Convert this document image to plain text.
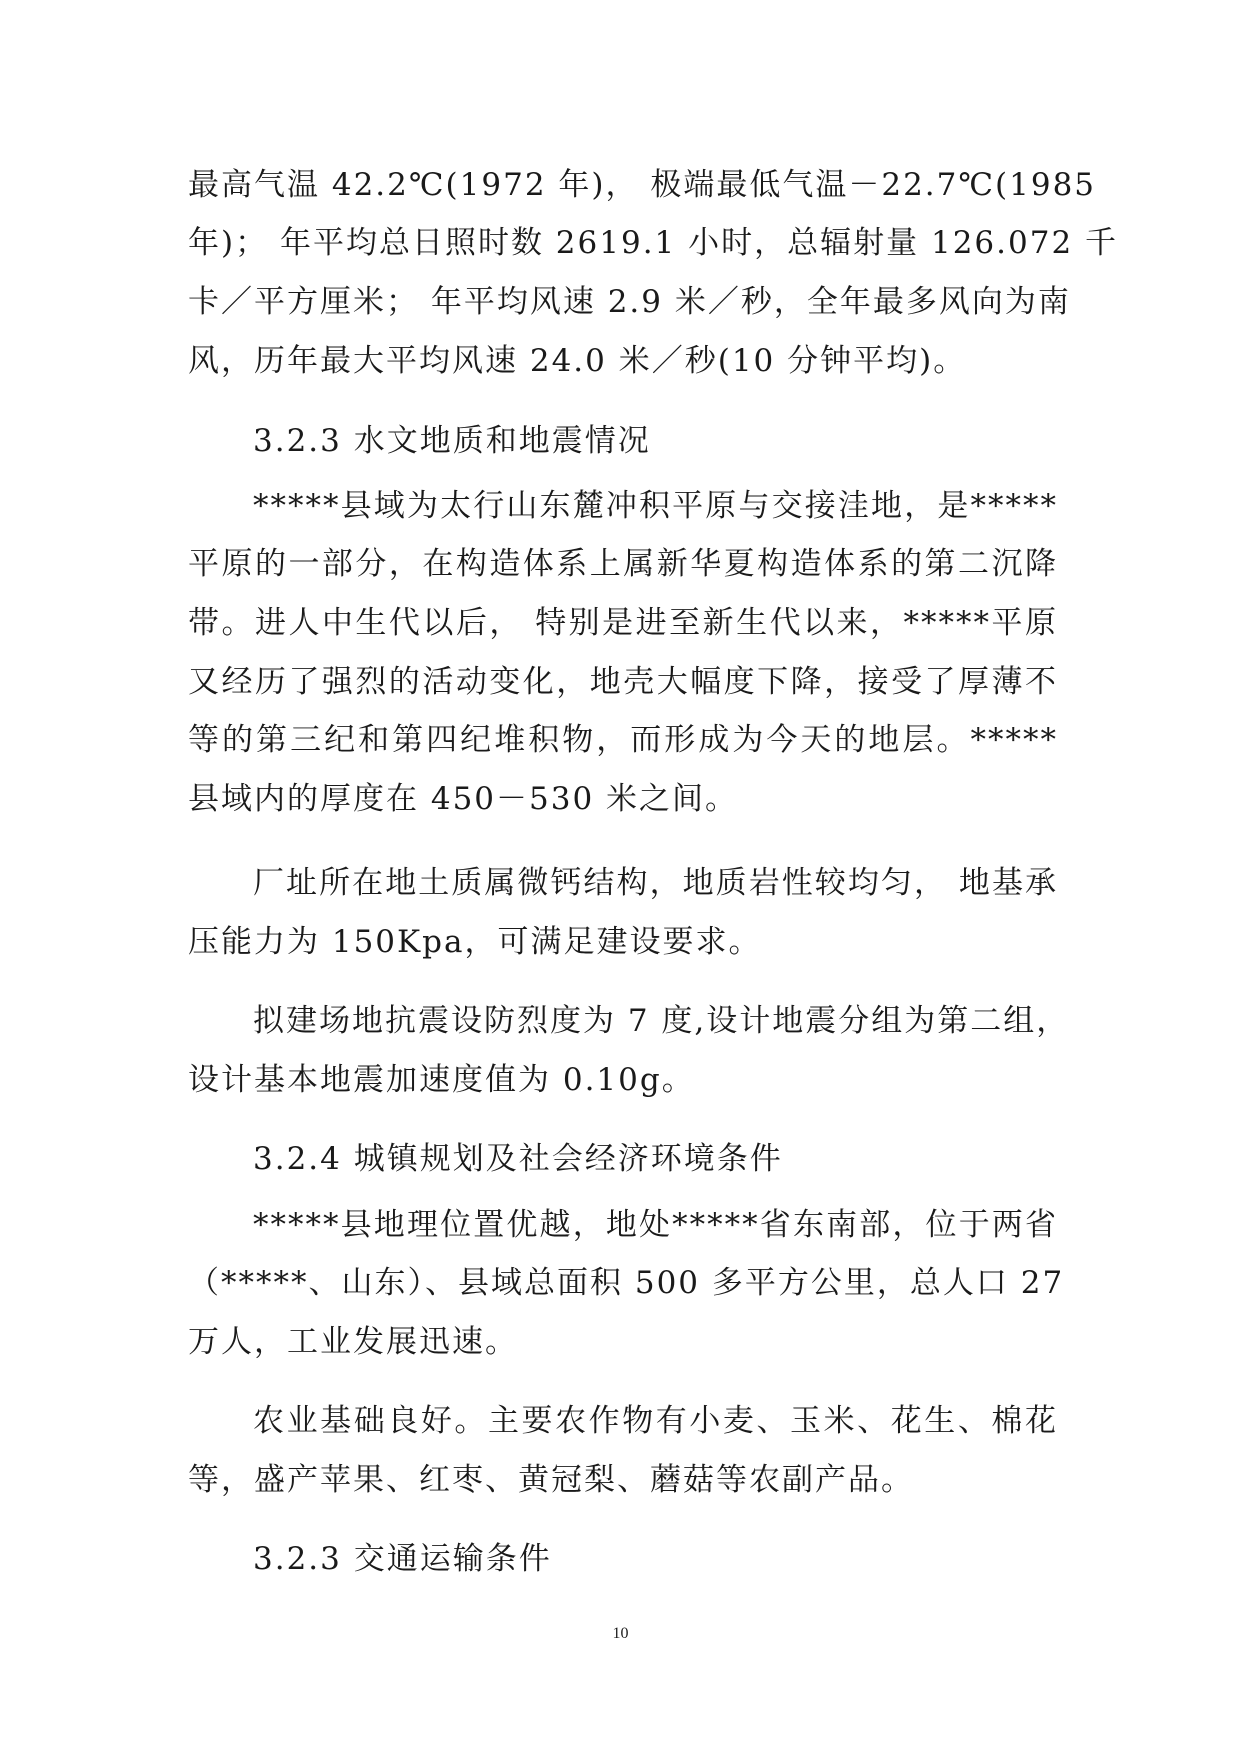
最高气温 42.2℃(1972 年)， 极端最低气温－22.7℃(1985
年)； 年平均总日照时数 2619.1 小时，总辐射量 126.072 千
卡／平方厘米； 年平均风速 2.9 米／秒，全年最多风向为南
风，历年最大平均风速 24.0 米／秒(10 分钟平均)。
3.2.3 水文地质和地震情况
*****县域为太行山东麓冲积平原与交接洼地，是*****
平原的一部分，在构造体系上属新华夏构造体系的第二沉降
带。进人中生代以后， 特别是进至新生代以来，*****平原
又经历了强烈的活动变化，地壳大幅度下降，接受了厚薄不
等的第三纪和第四纪堆积物，而形成为今天的地层。*****
县域内的厚度在 450－530 米之间。
厂址所在地土质属微钙结构，地质岩性较均匀， 地基承
压能力为 150Kpa，可满足建设要求。
拟建场地抗震设防烈度为 7 度,设计地震分组为第二组，
设计基本地震加速度值为 0.10g。
3.2.4 城镇规划及社会经济环境条件
*****县地理位置优越，地处*****省东南部，位于两省
（*****、山东）、县域总面积 500 多平方公里，总人口 27
万人，工业发展迅速。
农业基础良好。主要农作物有小麦、玉米、花生、棉花
等，盛产苹果、红枣、黄冠梨、蘑菇等农副产品。
3.2.3 交通运输条件
10
